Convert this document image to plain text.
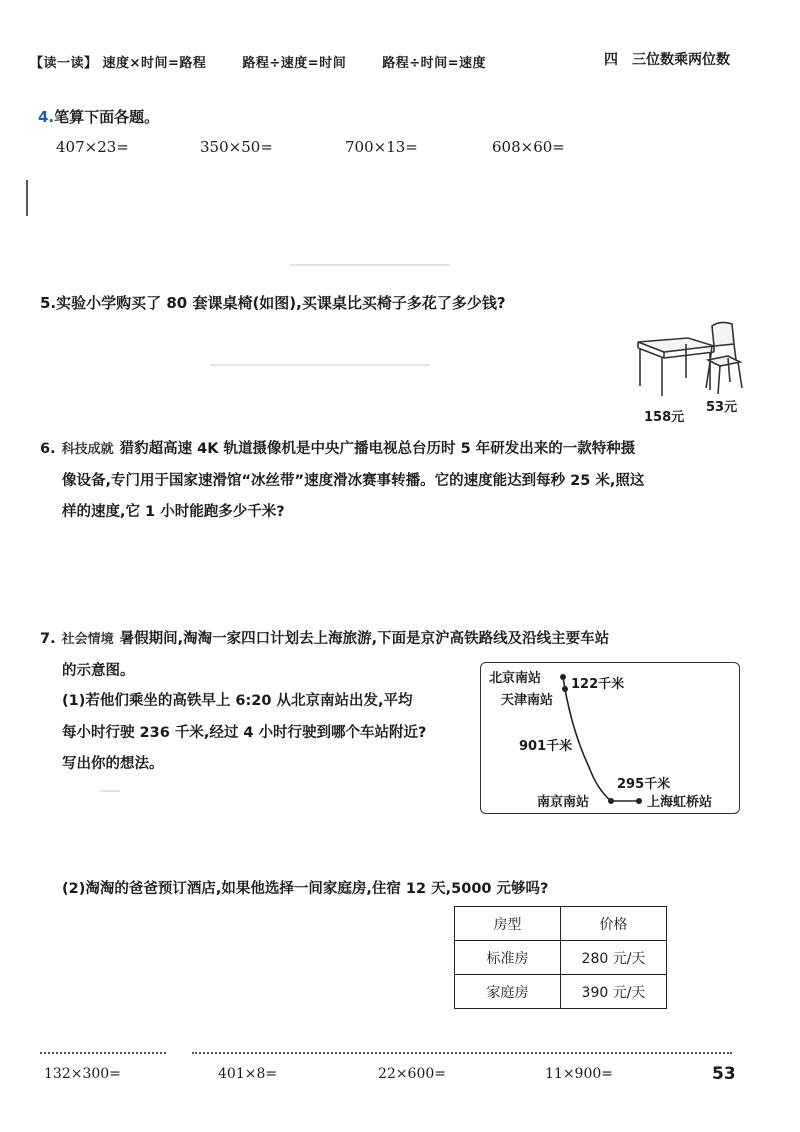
【读一读】 速度×时间=路程	路程÷速度=时间	路程÷时间=速度	四　三位数乘两位数
4.笔算下面各题。
407×23=	350×50=	700×13=	608×60=
5.实验小学购买了 80 套课桌椅(如图),买课桌比买椅子多花了多少钱?
158元
53元
6. 科技成就 猎豹超高速 4K 轨道摄像机是中央广播电视总台历时 5 年研发出来的一款特种摄
像设备,专门用于国家速滑馆“冰丝带”速度滑冰赛事转播。它的速度能达到每秒 25 米,照这
样的速度,它 1 小时能跑多少千米?
7. 社会情境 暑假期间,淘淘一家四口计划去上海旅游,下面是京沪高铁路线及沿线主要车站
的示意图。
(1)若他们乘坐的高铁早上 6:20 从北京南站出发,平均
每小时行驶 236 千米,经过 4 小时行驶到哪个车站附近?
写出你的想法。
北京南站 122千米
天津南站
901千米
295千米
南京南站	上海虹桥站
(2)淘淘的爸爸预订酒店,如果他选择一间家庭房,住宿 12 天,5000 元够吗?
房型	价格
标准房	280 元/天
家庭房	390 元/天
132×300=	401×8=	22×600=	11×900=	53
